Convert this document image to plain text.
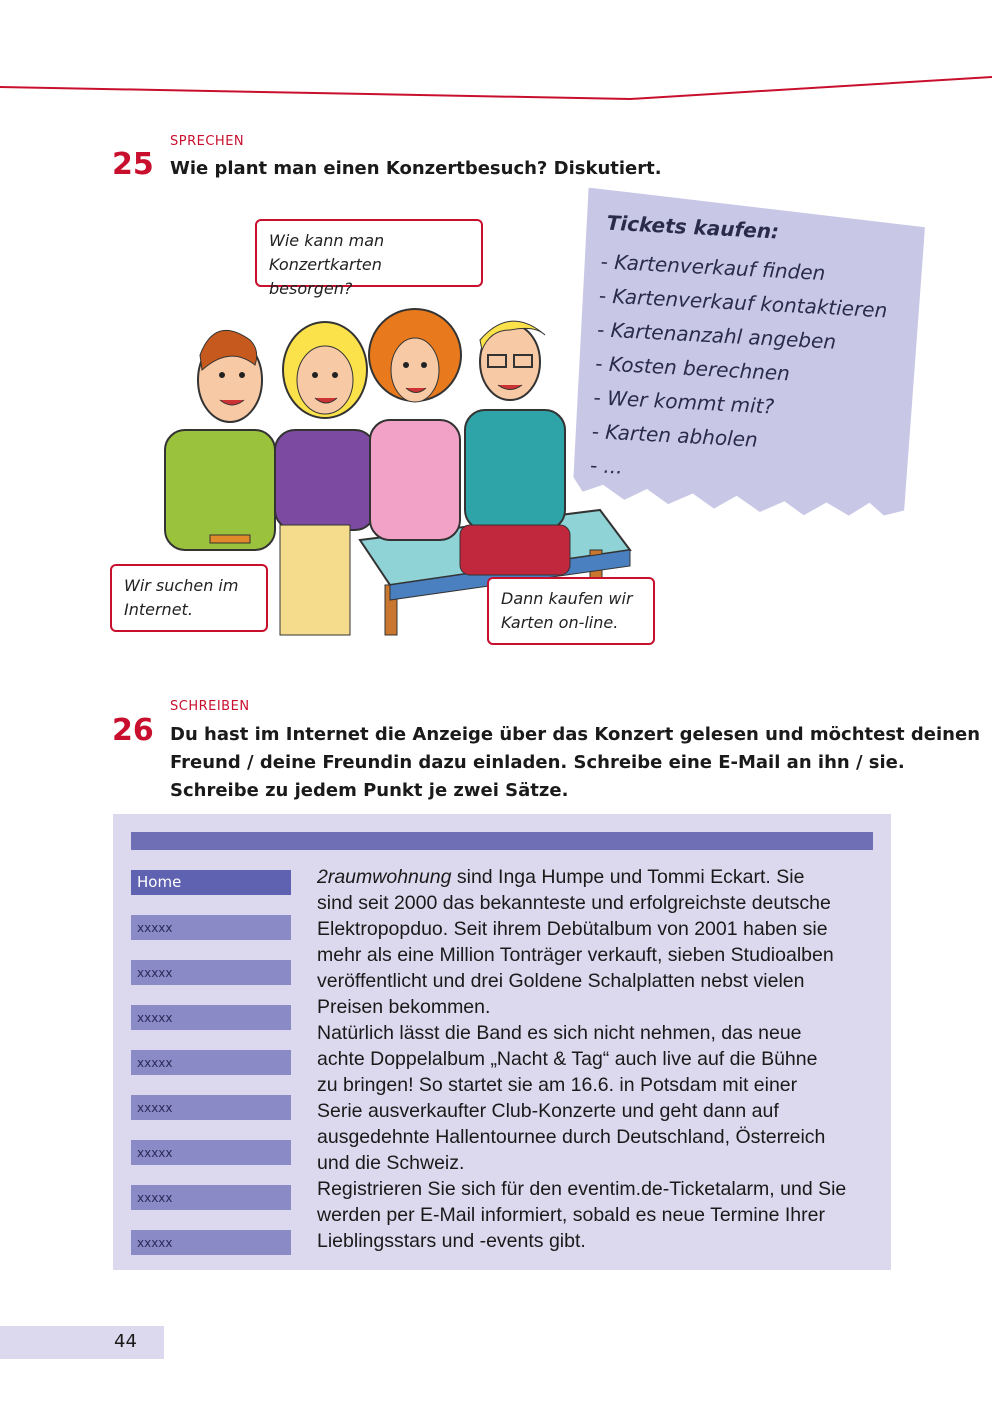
SPRECHEN
25 Wie plant man einen Konzertbesuch? Diskutiert.
Tickets kaufen:
- Kartenverkauf finden
- Kartenverkauf kontaktieren
- Kartenanzahl angeben
- Kosten berechnen
- Wer kommt mit?
- Karten abholen
- ...
Wie kann man
Konzertkarten besorgen?
Wir suchen im
Internet.
Dann kaufen wir
Karten on-line.
SCHREIBEN
26 Du hast im Internet die Anzeige über das Konzert gelesen und möchtest deinen
Freund / deine Freundin dazu einladen. Schreibe eine E-Mail an ihn / sie.
Schreibe zu jedem Punkt je zwei Sätze.
Home
xxxxx
xxxxx
xxxxx
xxxxx
xxxxx
xxxxx
xxxxx
xxxxx

2raumwohnung sind Inga Humpe und Tommi Eckart. Sie

sind seit 2000 das bekannteste und erfolgreichste deutsche

Elektropopduo. Seit ihrem Debütalbum von 2001 haben sie

mehr als eine Million Tonträger verkauft, sieben Studioalben

veröffentlicht und drei Goldene Schalplatten nebst vielen

Preisen bekommen.

Natürlich lässt die Band es sich nicht nehmen, das neue

achte Doppelalbum „Nacht & Tag“ auch live auf die Bühne

zu bringen! So startet sie am 16.6. in Potsdam mit einer

Serie ausverkaufter Club-Konzerte und geht dann auf

ausgedehnte Hallentournee durch Deutschland, Österreich

und die Schweiz.

Registrieren Sie sich für den eventim.de-Ticketalarm, und Sie

werden per E-Mail informiert, sobald es neue Termine Ihrer

Lieblingsstars und -events gibt.

44
